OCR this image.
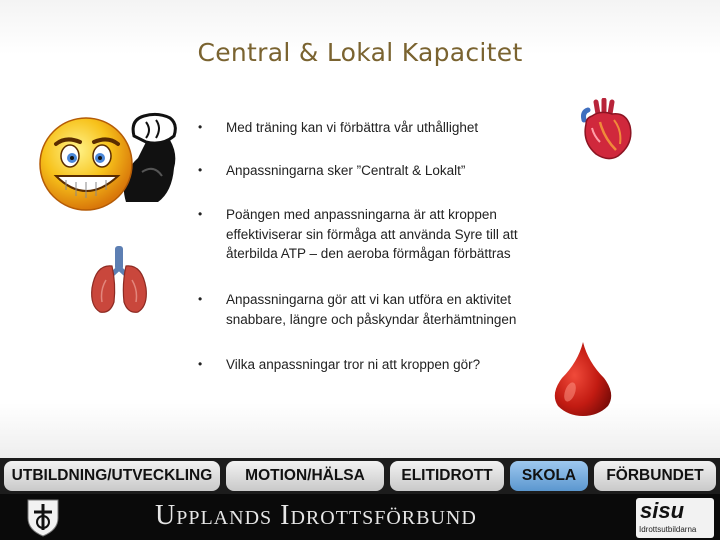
Central & Lokal Kapacitet
• Med träning kan vi förbättra vår uthållighet
• Anpassningarna sker ”Centralt & Lokalt”
• Poängen med anpassningarna är att kroppen effektiviserar sin förmåga att använda Syre till att återbilda ATP – den aeroba förmågan förbättras
• Anpassningarna gör att vi kan utföra en aktivitet snabbare, längre och påskyndar återhämtningen
• Vilka anpassningar tror ni att kroppen gör?
UTBILDNING/UTVECKLING	MOTION/HÄLSA	ELITIDROTT	SKOLA	FÖRBUNDET
Upplands Idrottsförbund	sisu
Idrottsutbildarna
